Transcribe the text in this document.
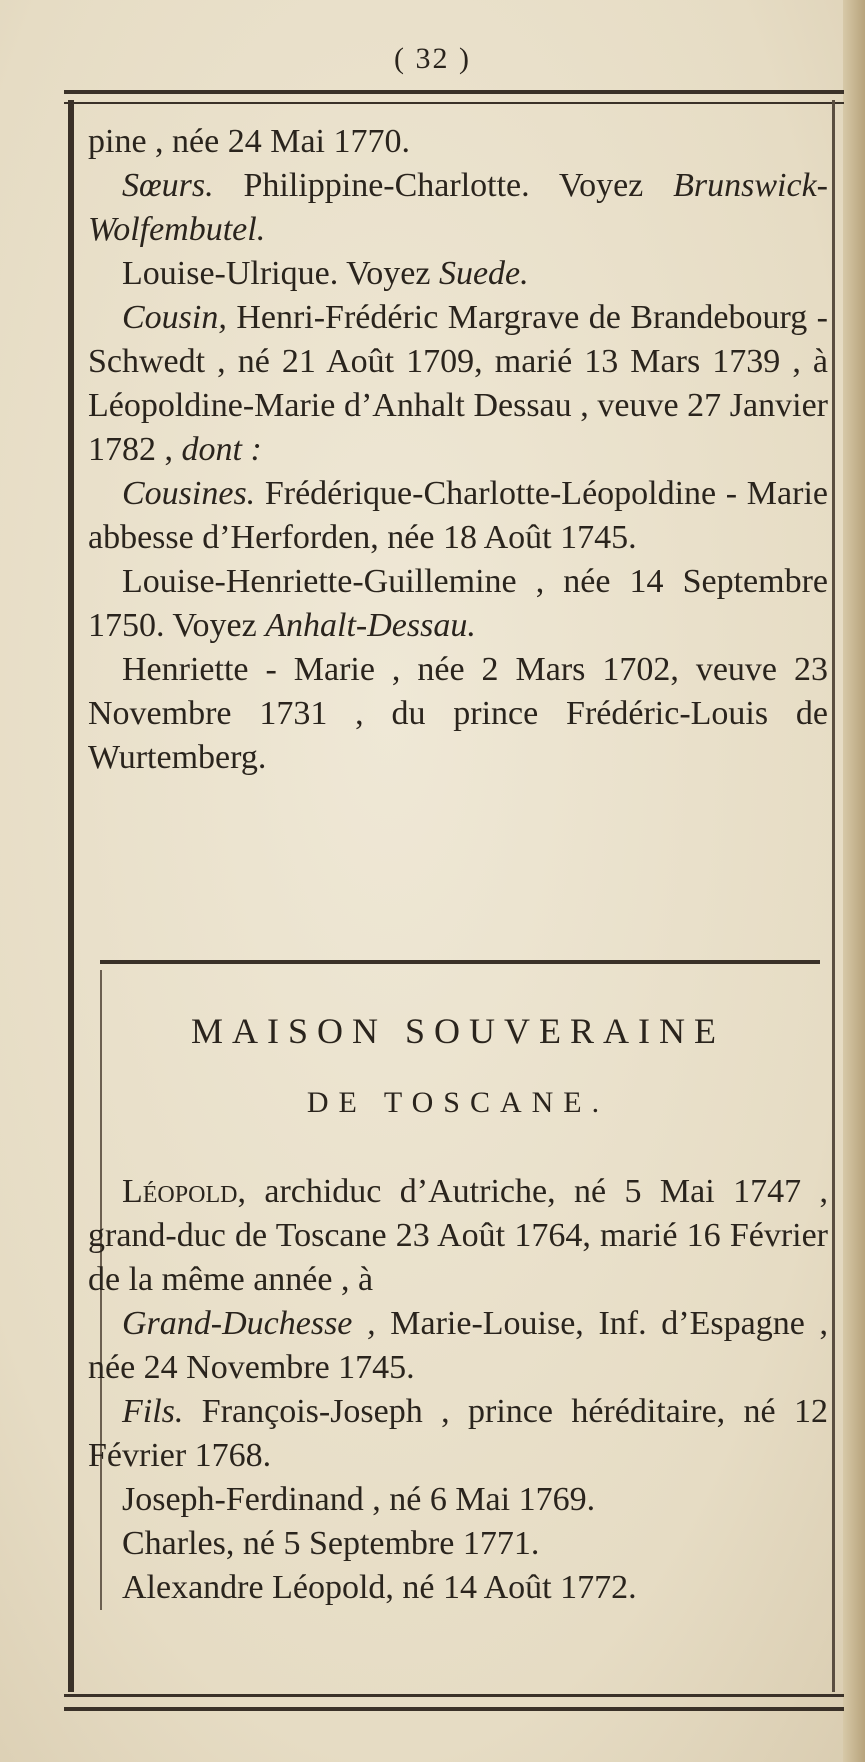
( 32 )

pine , née 24 Mai 1770.

Sœurs. Philippine-Charlotte. Voyez Brunswick-Wolfembutel.

Louise-Ulrique. Voyez Suede.

Cousin, Henri-Frédéric Margrave de Brandebourg - Schwedt , né 21 Août 1709, marié 13 Mars 1739 , à Léopoldine-Marie d’Anhalt Dessau , veuve 27 Janvier 1782 , dont :

Cousines. Frédérique-Charlotte-Léopoldine - Marie abbesse d’Herforden, née 18 Août 1745.

Louise-Henriette-Guillemine , née 14 Septembre 1750. Voyez Anhalt-Dessau.

Henriette - Marie , née 2 Mars 1702, veuve 23 Novembre 1731 , du prince Frédéric-Louis de Wurtemberg.

MAISON SOUVERAINE
DE TOSCANE.

Léopold, archiduc d’Autriche, né 5 Mai 1747 , grand-duc de Toscane 23 Août 1764, marié 16 Février de la même année , à

Grand-Duchesse , Marie-Louise, Inf. d’Espagne , née 24 Novembre 1745.

Fils. François-Joseph , prince héréditaire, né 12 Février 1768.

Joseph-Ferdinand , né 6 Mai 1769.

Charles, né 5 Septembre 1771.

Alexandre Léopold, né 14 Août 1772.
